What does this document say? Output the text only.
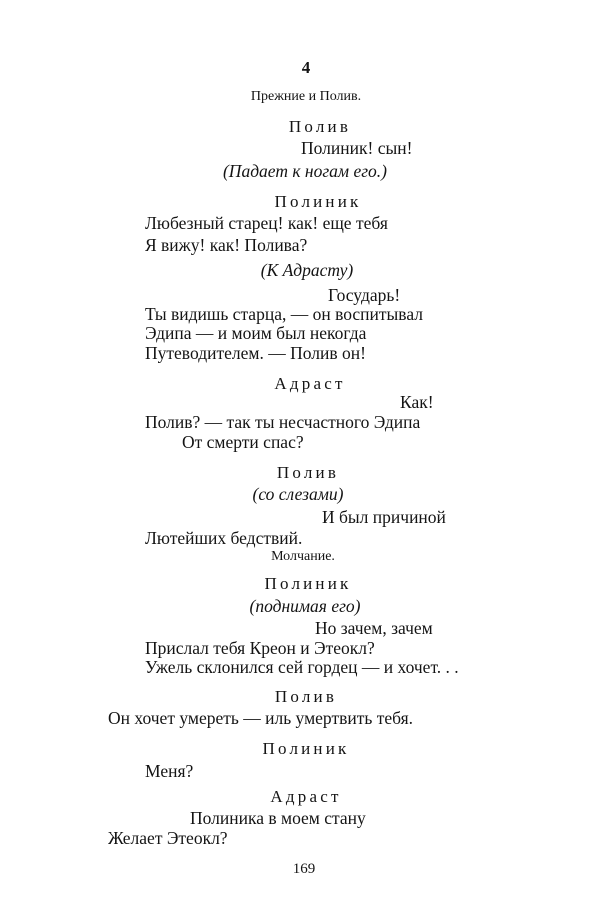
4
Прежние и Полив.
Полив
Полиник! сын!
(Падает к ногам его.)
Полиник
Любезный старец! как! еще тебя
Я вижу! как! Полива?
(К Адрасту)
Государь!
Ты видишь старца, — он воспитывал
Эдипа — и моим был некогда
Путеводителем. — Полив он!
Адраст
Как!
Полив? — так ты несчастного Эдипа
От смерти спас?
Полив
(со слезами)
И был причиной
Лютейших бедствий.
Молчание.
Полиник
(поднимая его)
Но зачем, зачем
Прислал тебя Креон и Этеокл?
Ужель склонился сей гордец — и хочет. . .
Полив
Он хочет умереть — иль умертвить тебя.
Полиник
Меня?
Адраст
Полиника в моем стану
Желает Этеокл?
169
